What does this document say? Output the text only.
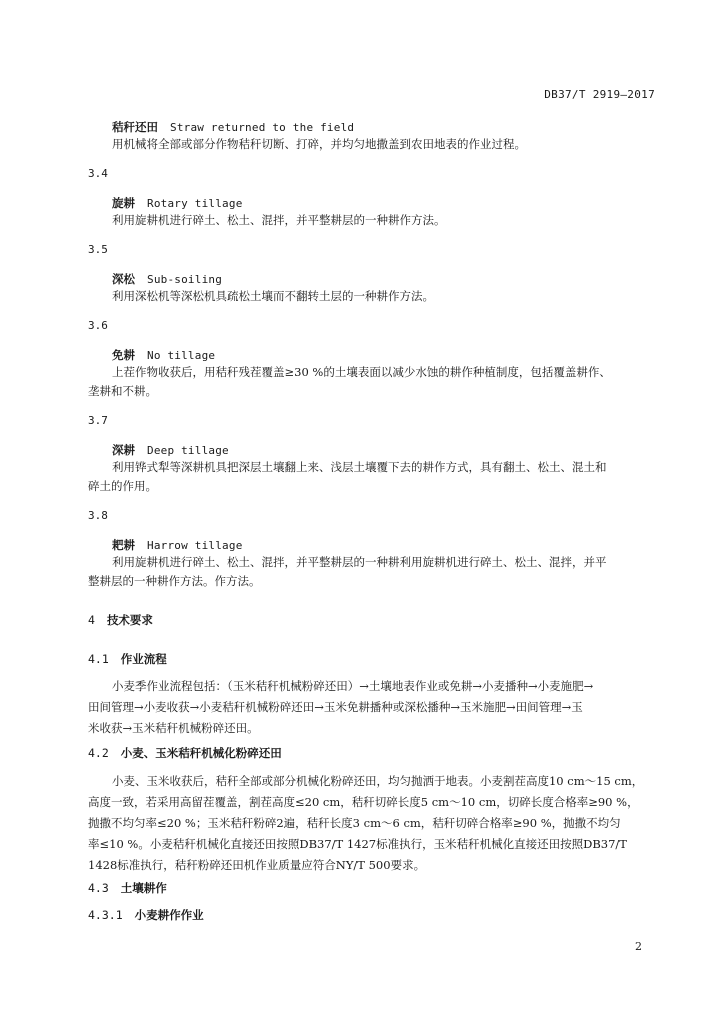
DB37/T 2919—2017
秸秆还田 Straw returned to the field
用机械将全部或部分作物秸秆切断、打碎，并均匀地撒盖到农田地表的作业过程。
3.4
旋耕 Rotary tillage
利用旋耕机进行碎土、松土、混拌，并平整耕层的一种耕作方法。
3.5
深松 Sub-soiling
利用深松机等深松机具疏松土壤而不翻转土层的一种耕作方法。
3.6
免耕 No tillage
上茬作物收获后，用秸秆残茬覆盖≥30 %的土壤表面以减少水蚀的耕作种植制度，包括覆盖耕作、
垄耕和不耕。
3.7
深耕 Deep tillage
利用铧式犁等深耕机具把深层土壤翻上来、浅层土壤覆下去的耕作方式，具有翻土、松土、混土和
碎土的作用。
3.8
耙耕 Harrow tillage
利用旋耕机进行碎土、松土、混拌，并平整耕层的一种耕利用旋耕机进行碎土、松土、混拌，并平
整耕层的一种耕作方法。作方法。
4 技术要求
4.1 作业流程
小麦季作业流程包括：（玉米秸秆机械粉碎还田）→土壤地表作业或免耕→小麦播种→小麦施肥→
田间管理→小麦收获→小麦秸秆机械粉碎还田→玉米免耕播种或深松播种→玉米施肥→田间管理→玉
米收获→玉米秸秆机械粉碎还田。
4.2 小麦、玉米秸秆机械化粉碎还田
小麦、玉米收获后，秸秆全部或部分机械化粉碎还田，均匀抛洒于地表。小麦割茬高度10 cm～15 cm，
高度一致，若采用高留茬覆盖，割茬高度≤20 cm，秸秆切碎长度5 cm～10 cm，切碎长度合格率≥90 %，
抛撒不均匀率≤20 %；玉米秸秆粉碎2遍，秸秆长度3 cm～6 cm，秸秆切碎合格率≥90 %，抛撒不均匀
率≤10 %。小麦秸秆机械化直接还田按照DB37/T 1427标准执行，玉米秸秆机械化直接还田按照DB37/T
1428标准执行，秸秆粉碎还田机作业质量应符合NY/T 500要求。
4.3 土壤耕作
4.3.1 小麦耕作作业
2
